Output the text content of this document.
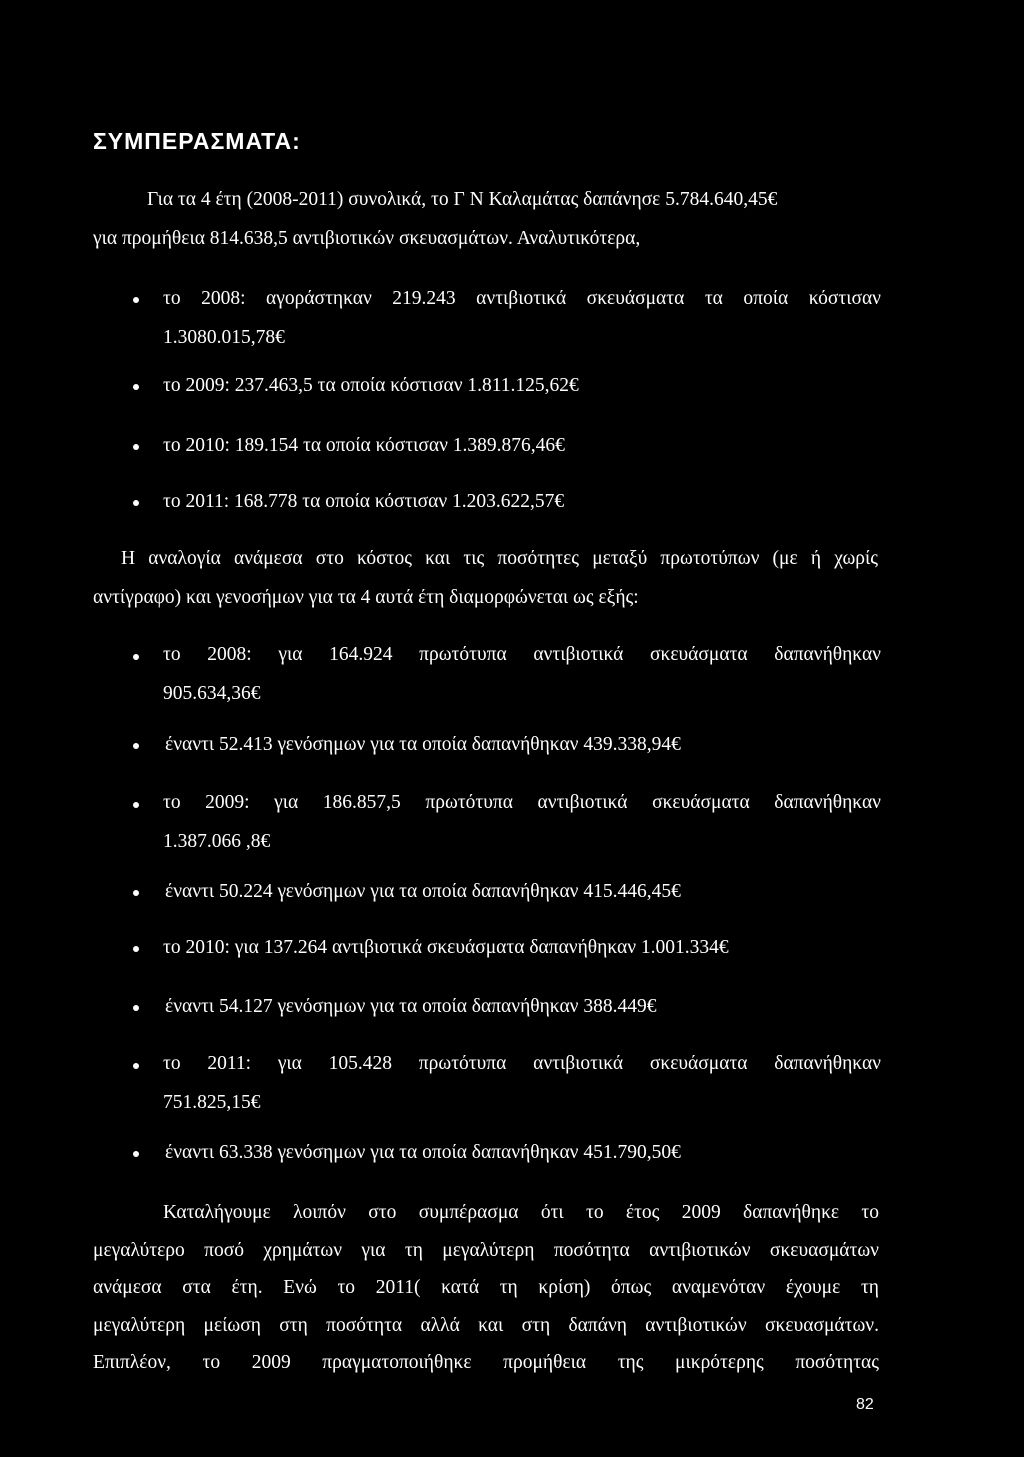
ΣΥΜΠΕΡΑΣΜΑΤΑ:
Για τα 4 έτη (2008-2011) συνολικά, το Γ Ν Καλαμάτας δαπάνησε 5.784.640,45€
για προμήθεια 814.638,5 αντιβιοτικών σκευασμάτων. Αναλυτικότερα,
το 2008: αγοράστηκαν 219.243 αντιβιοτικά σκευάσματα τα οποία κόστισαν
1.3080.015,78€
το 2009: 237.463,5 τα οποία κόστισαν 1.811.125,62€
το 2010: 189.154 τα οποία κόστισαν 1.389.876,46€
το 2011: 168.778 τα οποία κόστισαν 1.203.622,57€
Η αναλογία ανάμεσα στο κόστος και τις ποσότητες μεταξύ πρωτοτύπων (με ή χωρίς
αντίγραφο) και γενοσήμων για τα 4 αυτά έτη διαμορφώνεται ως εξής:
το 2008: για 164.924 πρωτότυπα αντιβιοτικά σκευάσματα δαπανήθηκαν
905.634,36€
έναντι 52.413 γενόσημων για τα οποία δαπανήθηκαν 439.338,94€
το 2009: για 186.857,5 πρωτότυπα αντιβιοτικά σκευάσματα δαπανήθηκαν
1.387.066 ,8€
έναντι 50.224 γενόσημων για τα οποία δαπανήθηκαν 415.446,45€
το 2010: για 137.264 αντιβιοτικά σκευάσματα δαπανήθηκαν 1.001.334€
έναντι 54.127 γενόσημων για τα οποία δαπανήθηκαν 388.449€
το 2011: για 105.428 πρωτότυπα αντιβιοτικά σκευάσματα δαπανήθηκαν
751.825,15€
έναντι 63.338 γενόσημων για τα οποία δαπανήθηκαν 451.790,50€
Καταλήγουμε λοιπόν στο συμπέρασμα ότι το έτος 2009 δαπανήθηκε το
μεγαλύτερο ποσό χρημάτων για τη μεγαλύτερη ποσότητα αντιβιοτικών σκευασμάτων
ανάμεσα στα έτη. Ενώ το 2011( κατά τη κρίση) όπως αναμενόταν έχουμε τη
μεγαλύτερη μείωση στη ποσότητα αλλά και στη δαπάνη αντιβιοτικών σκευασμάτων.
Επιπλέον, το 2009 πραγματοποιήθηκε προμήθεια της μικρότερης ποσότητας
82
